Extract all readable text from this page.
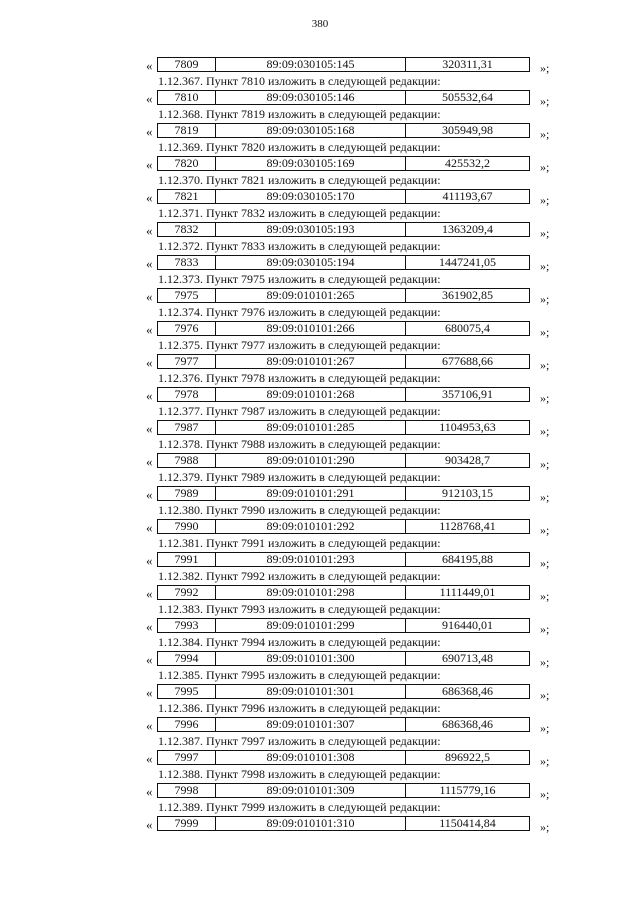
380
«	7809	89:09:030105:145	320311,31	»;
1.12.367. Пункт 7810 изложить в следующей редакции:
«	7810	89:09:030105:146	505532,64	»;
1.12.368. Пункт 7819 изложить в следующей редакции:
«	7819	89:09:030105:168	305949,98	»;
1.12.369. Пункт 7820 изложить в следующей редакции:
«	7820	89:09:030105:169	425532,2	»;
1.12.370. Пункт 7821 изложить в следующей редакции:
«	7821	89:09:030105:170	411193,67	»;
1.12.371. Пункт 7832 изложить в следующей редакции:
«	7832	89:09:030105:193	1363209,4	»;
1.12.372. Пункт 7833 изложить в следующей редакции:
«	7833	89:09:030105:194	1447241,05	»;
1.12.373. Пункт 7975 изложить в следующей редакции:
«	7975	89:09:010101:265	361902,85	»;
1.12.374. Пункт 7976 изложить в следующей редакции:
«	7976	89:09:010101:266	680075,4	»;
1.12.375. Пункт 7977 изложить в следующей редакции:
«	7977	89:09:010101:267	677688,66	»;
1.12.376. Пункт 7978 изложить в следующей редакции:
«	7978	89:09:010101:268	357106,91	»;
1.12.377. Пункт 7987 изложить в следующей редакции:
«	7987	89:09:010101:285	1104953,63	»;
1.12.378. Пункт 7988 изложить в следующей редакции:
«	7988	89:09:010101:290	903428,7	»;
1.12.379. Пункт 7989 изложить в следующей редакции:
«	7989	89:09:010101:291	912103,15	»;
1.12.380. Пункт 7990 изложить в следующей редакции:
«	7990	89:09:010101:292	1128768,41	»;
1.12.381. Пункт 7991 изложить в следующей редакции:
«	7991	89:09:010101:293	684195,88	»;
1.12.382. Пункт 7992 изложить в следующей редакции:
«	7992	89:09:010101:298	1111449,01	»;
1.12.383. Пункт 7993 изложить в следующей редакции:
«	7993	89:09:010101:299	916440,01	»;
1.12.384. Пункт 7994 изложить в следующей редакции:
«	7994	89:09:010101:300	690713,48	»;
1.12.385. Пункт 7995 изложить в следующей редакции:
«	7995	89:09:010101:301	686368,46	»;
1.12.386. Пункт 7996 изложить в следующей редакции:
«	7996	89:09:010101:307	686368,46	»;
1.12.387. Пункт 7997 изложить в следующей редакции:
«	7997	89:09:010101:308	896922,5	»;
1.12.388. Пункт 7998 изложить в следующей редакции:
«	7998	89:09:010101:309	1115779,16	»;
1.12.389. Пункт 7999 изложить в следующей редакции:
«	7999	89:09:010101:310	1150414,84	»;
